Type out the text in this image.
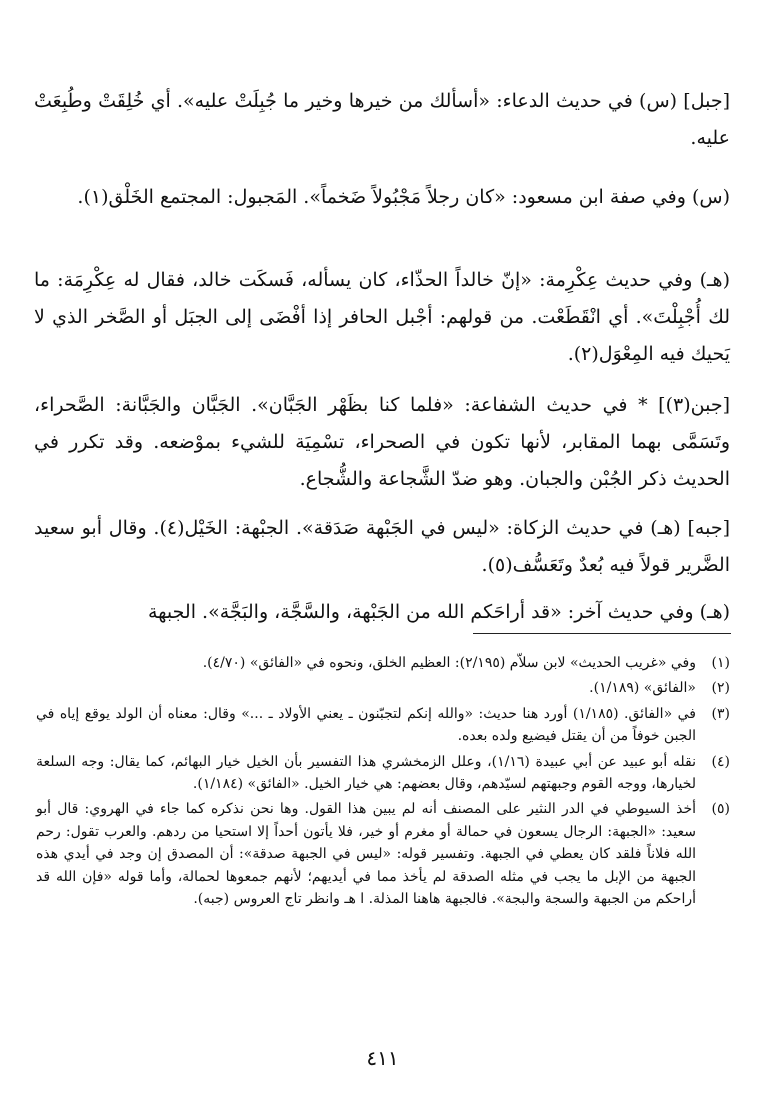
[جبل] (س) في حديث الدعاء: «أسألك من خيرها وخير ما جُبِلَتْ عليه». أي خُلِقَتْ وطُبِعَتْ عليه.

(س) وفي صفة ابن مسعود: «كان رجلاً مَجْبُولاً ضَخماً». المَجبول: المجتمع الخَلْق(١).

(هـ) وفي حديث عِكْرِمة: «إنّ خالداً الحذّاء، كان يسأله، فَسكَت خالد، فقال له عِكْرِمَة: ما لك أُجْبِلْتَ». أي انْقَطَعْت. من قولهم: أجْبل الحافر إذا أفْضَى إلى الجبَل أو الصَّخر الذي لا يَحيك فيه المِعْوَل(٢).

[جبن(٣)] * في حديث الشفاعة: «فلما كنا بظَهْر الجَبَّان». الجَبَّان والجَبَّانة: الصَّحراء، وتَسَمَّى بهما المقابر، لأنها تكون في الصحراء، تسْمِيَة للشيء بموْضعه. وقد تكرر في الحديث ذكر الجُبْن والجبان. وهو ضدّ الشَّجاعة والشُّجاع.

[جبه] (هـ) في حديث الزكاة: «ليس في الجَبْهة صَدَقة». الجبْهة: الخَيْل(٤). وقال أبو سعيد الضَّرير قولاً فيه بُعدٌ وتَعَسُّف(٥).

(هـ) وفي حديث آخر: «قد أراحَكم الله من الجَبْهة، والسَّجَّة، والبَجَّة». الجبهة

(١)
وفي «غريب الحديث» لابن سلاّم (٢/١٩٥): العظيم الخلق، ونحوه في «الفائق» (٤/٧٠).
(٢)
«الفائق» (١/١٨٩).
(٣)
في «الفائق. (١/١٨٥) أورد هنا حديث: «والله إنكم لتجبّنون ـ يعني الأولاد ـ ...» وقال: معناه أن الولد يوقع إياه في الجبن خوفاً من أن يقتل فيضيع ولده بعده.
(٤)
نقله أبو عبيد عن أبي عبيدة (١/١٦)، وعلل الزمخشري هذا التفسير بأن الخيل خيار البهائم، كما يقال: وجه السلعة لخيارها، ووجه القوم وجبهتهم لسيّدهم، وقال بعضهم: هي خيار الخيل. «الفائق» (١/١٨٤).
(٥)
أخذ السيوطي في الدر النثير على المصنف أنه لم يبين هذا القول. وها نحن نذكره كما جاء في الهروي: قال أبو سعيد: «الجبهة: الرجال يسعون في حمالة أو مغرم أو خير، فلا يأتون أحداً إلا استحيا من ردهم. والعرب تقول: رحم الله فلاناً فلقد كان يعطي في الجبهة. وتفسير قوله: «ليس في الجبهة صدقة»: أن المصدق إن وجد في أيدي هذه الجبهة من الإبل ما يجب في مثله الصدقة لم يأخذ مما في أيديهم؛ لأنهم جمعوها لحمالة، وأما قوله «فإن الله قد أراحكم من الجبهة والسجة والبجة». فالجبهة هاهنا المذلة. ا هـ وانظر تاج العروس (جبه).
٤١١
